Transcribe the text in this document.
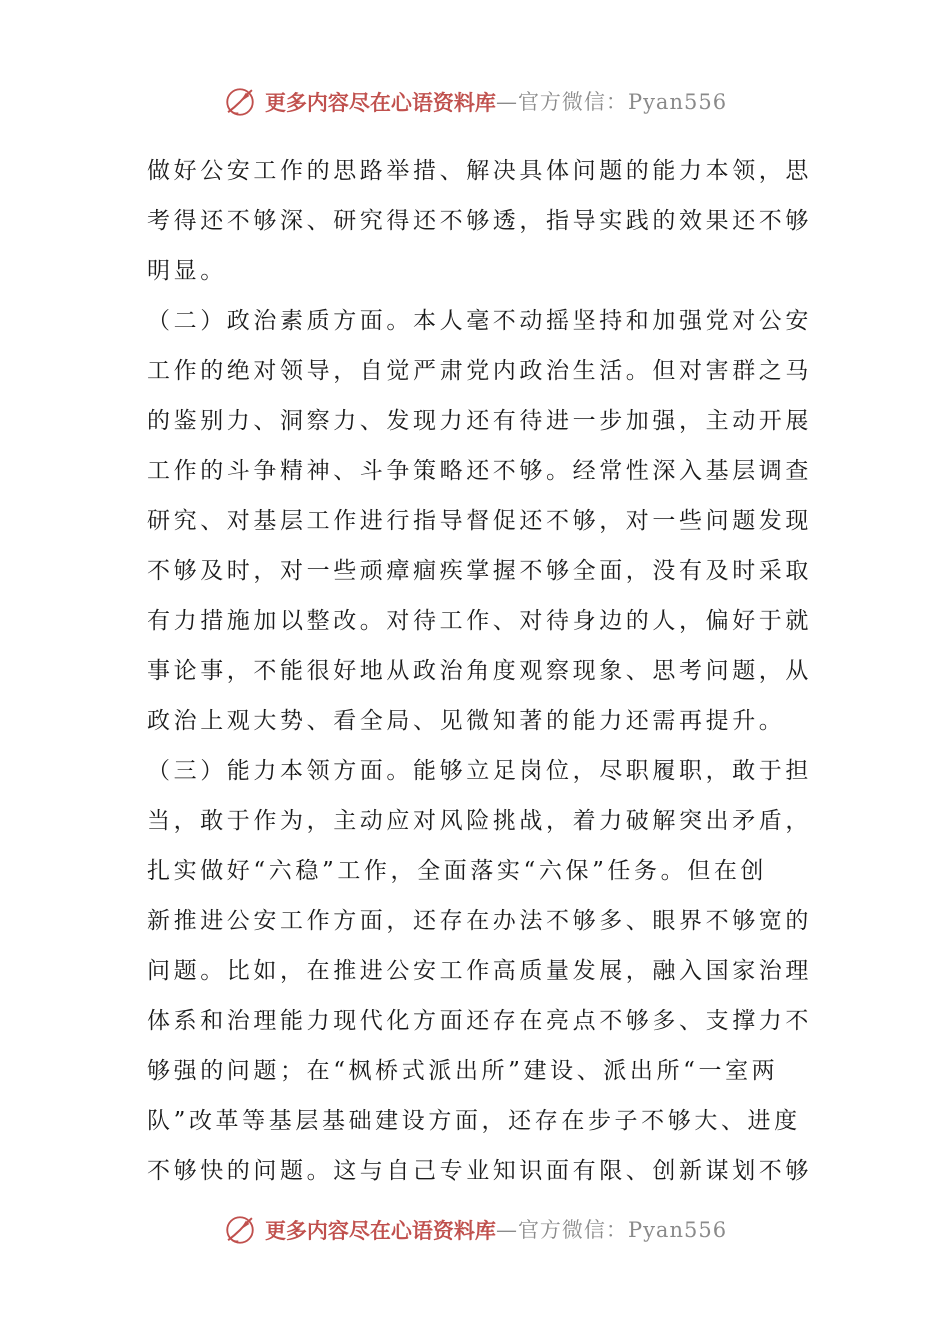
更多内容尽在心语资料库 — 官方微信： Pyan556
做好公安工作的思路举措、解决具体问题的能力本领，思
考得还不够深、研究得还不够透，指导实践的效果还不够
明显。
（二）政治素质方面。本人毫不动摇坚持和加强党对公安
工作的绝对领导，自觉严肃党内政治生活。但对害群之马
的鉴别力、洞察力、发现力还有待进一步加强，主动开展
工作的斗争精神、斗争策略还不够。经常性深入基层调查
研究、对基层工作进行指导督促还不够，对一些问题发现
不够及时，对一些顽瘴痼疾掌握不够全面，没有及时采取
有力措施加以整改。对待工作、对待身边的人，偏好于就
事论事，不能很好地从政治角度观察现象、思考问题，从
政治上观大势、看全局、见微知著的能力还需再提升。
（三）能力本领方面。能够立足岗位，尽职履职，敢于担
当，敢于作为，主动应对风险挑战，着力破解突出矛盾，
扎实做好“六稳”工作，全面落实“六保”任务。但在创
新推进公安工作方面，还存在办法不够多、眼界不够宽的
问题。比如，在推进公安工作高质量发展，融入国家治理
体系和治理能力现代化方面还存在亮点不够多、支撑力不
够强的问题；在“枫桥式派出所”建设、派出所“一室两
队”改革等基层基础建设方面，还存在步子不够大、进度
不够快的问题。这与自己专业知识面有限、创新谋划不够
更多内容尽在心语资料库 — 官方微信： Pyan556
